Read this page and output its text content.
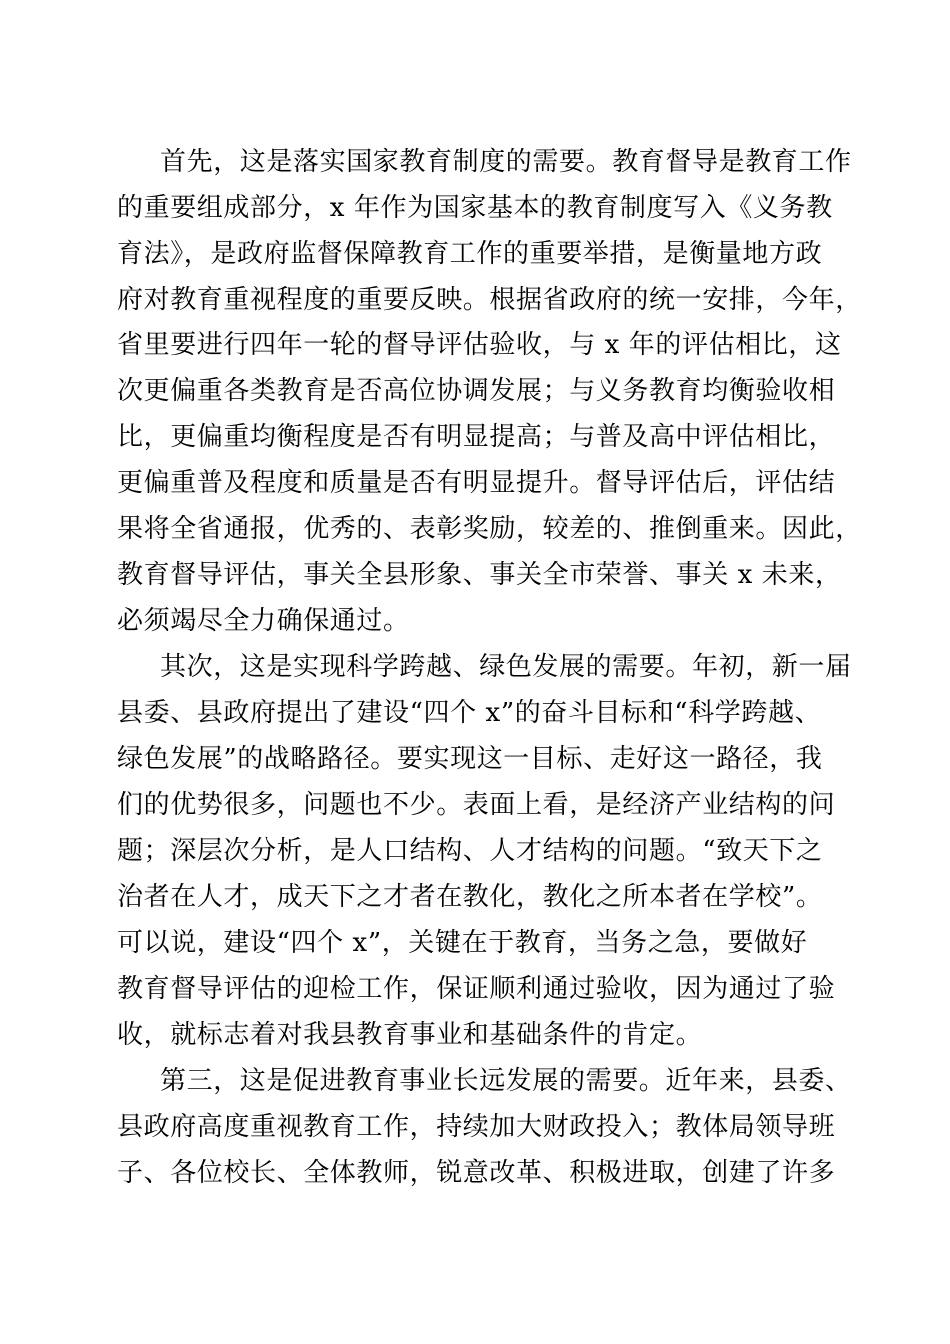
首先，这是落实国家教育制度的需要。教育督导是教育工作
的重要组成部分，x 年作为国家基本的教育制度写入《义务教
育法》，是政府监督保障教育工作的重要举措，是衡量地方政
府对教育重视程度的重要反映。根据省政府的统一安排，今年，
省里要进行四年一轮的督导评估验收，与 x 年的评估相比，这
次更偏重各类教育是否高位协调发展；与义务教育均衡验收相
比，更偏重均衡程度是否有明显提高；与普及高中评估相比，
更偏重普及程度和质量是否有明显提升。督导评估后，评估结
果将全省通报，优秀的、表彰奖励，较差的、推倒重来。因此，
教育督导评估，事关全县形象、事关全市荣誉、事关 x 未来，
必须竭尽全力确保通过。
其次，这是实现科学跨越、绿色发展的需要。年初，新一届
县委、县政府提出了建设“四个 x”的奋斗目标和“科学跨越、
绿色发展”的战略路径。要实现这一目标、走好这一路径，我
们的优势很多，问题也不少。表面上看，是经济产业结构的问
题；深层次分析，是人口结构、人才结构的问题。“致天下之
治者在人才，成天下之才者在教化，教化之所本者在学校”。
可以说，建设“四个 x”，关键在于教育，当务之急，要做好
教育督导评估的迎检工作，保证顺利通过验收，因为通过了验
收，就标志着对我县教育事业和基础条件的肯定。
第三，这是促进教育事业长远发展的需要。近年来，县委、
县政府高度重视教育工作，持续加大财政投入；教体局领导班
子、各位校长、全体教师，锐意改革、积极进取，创建了许多
